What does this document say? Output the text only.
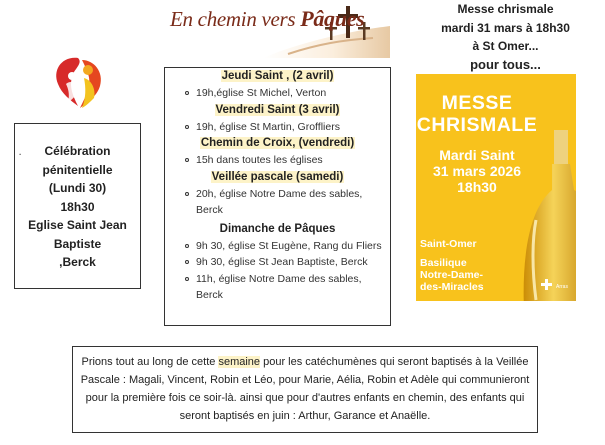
En chemin vers Pâques
. Célébration
pénitentielle
(Lundi 30)
18h30
Eglise Saint Jean
Baptiste
,Berck
Jeudi Saint , (2 avril)
19h,église St Michel, Verton
Vendredi Saint (3 avril)
19h, église St Martin, Groffliers
Chemin de Croix, (vendredi)
15h dans toutes les églises
Veillée pascale (samedi)
20h, église Notre Dame des sables, Berck
Dimanche de Pâques
9h 30, église St Eugène, Rang du Fliers
9h 30, église St Jean Baptiste, Berck
11h, église Notre Dame des sables, Berck
Messe chrismale
mardi 31 mars à 18h30
à St Omer...
pour tous...
MESSE
CHRISMALE
Mardi Saint
31 mars 2026
18h30
Saint-Omer
Basilique
Notre-Dame-
des-Miracles	Arras
Prions tout au long de cette semaine pour les catéchumènes qui seront baptisés à la Veillée Pascale : Magali, Vincent, Robin et Léo, pour Marie, Aélia, Robin et Adèle qui communieront pour la première fois ce soir-là. ainsi que pour d'autres enfants en chemin, des enfants qui seront baptisés en juin : Arthur, Garance et Anaëlle.
